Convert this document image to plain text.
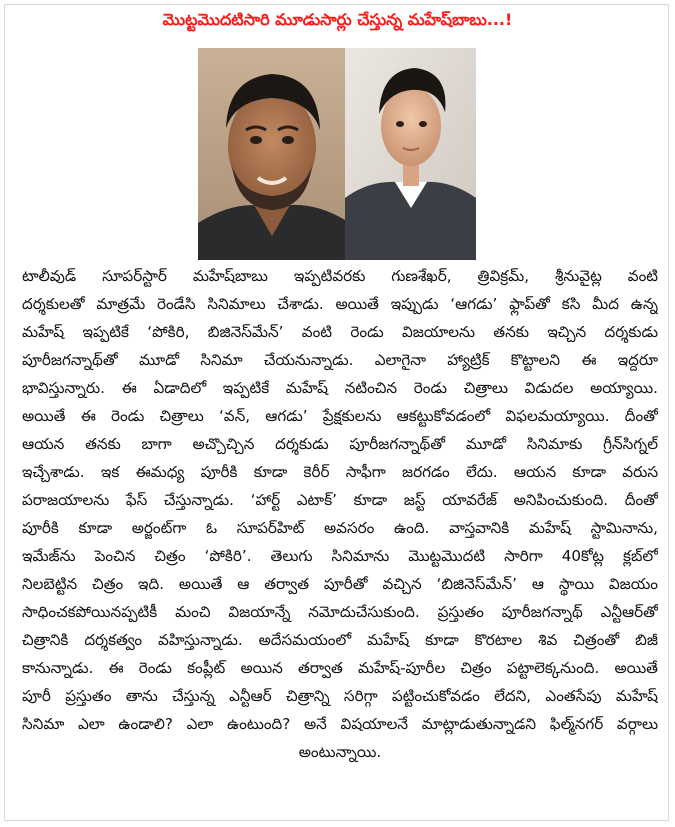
మొట్టమొదటిసారి మూడుసార్లు చేస్తున్న మహేష్‌బాబు...!
టాలీవుడ్ సూపర్‌స్టార్ మహేష్‌బాబు ఇప్పటివరకు గుణశేఖర్, త్రివిక్రమ్, శ్రీనువైట్ల వంటి
దర్శకులతో మాత్రమే రెండేసి సినిమాలు చేశాడు. అయితే ఇప్పుడు ‘ఆగడు’ ఫ్లాప్‌తో కసి మీద ఉన్న
మహేష్ ఇప్పటికే ‘పోకిరి, బిజినెస్‌మేన్’ వంటి రెండు విజయాలను తనకు ఇచ్చిన దర్శకుడు
పూరీజగన్నాథ్‌తో మూడో సినిమా చేయనున్నాడు. ఎలాగైనా హ్యాట్రిక్ కొట్టాలని ఈ ఇద్దరూ
భావిస్తున్నారు. ఈ ఏడాదిలో ఇప్పటికే మహేష్ నటించిన రెండు చిత్రాలు విడుదల అయ్యాయి.
అయితే ఈ రెండు చిత్రాలు ‘వన్, ఆగడు’ ప్రేక్షకులను ఆకట్టుకోవడంలో విఫలమయ్యాయి. దీంతో
ఆయన తనకు బాగా అచ్చొచ్చిన దర్శకుడు పూరీజగన్నాథ్‌తో మూడో సినిమాకు గ్రీన్‌సిగ్నల్
ఇచ్చేశాడు. ఇక ఈమధ్య పూరీకి కూడా కెరీర్ సాఫీగా జరగడం లేదు. ఆయన కూడా వరుస
పరాజయాలను ఫేస్ చేస్తున్నాడు. ‘హార్ట్ ఎటాక్’ కూడా జస్ట్ యావరేజ్ అనిపించుకుంది. దీంతో
పూరీకి కూడా అర్జంట్‌గా ఓ సూపర్‌హిట్ అవసరం ఉంది. వాస్తవానికి మహేష్ స్టామినాను,
ఇమేజ్‌ను పెంచిన చిత్రం ‘పోకిరి’. తెలుగు సినిమాను మొట్టమొదటి సారిగా 40కోట్ల క్లబ్‌లో
నిలబెట్టిన చిత్రం ఇది. అయితే ఆ తర్వాత పూరీతో వచ్చిన ‘బిజినెస్‌మేన్’ ఆ స్థాయి విజయం
సాధించకపోయినప్పటికీ మంచి విజయాన్నే నమోదుచేసుకుంది. ప్రస్తుతం పూరీజగన్నాథ్ ఎన్టీఆర్‌తో
చిత్రానికి దర్శకత్వం వహిస్తున్నాడు. అదేసమయంలో మహేష్ కూడా కొరటాల శివ చిత్రంతో బిజీ
కానున్నాడు. ఈ రెండు కంప్లీట్ అయిన తర్వాత మహేష్-పూరీల చిత్రం పట్టాలెక్కనుంది. అయితే
పూరీ ప్రస్తుతం తాను చేస్తున్న ఎన్టీఆర్ చిత్రాన్ని సరిగ్గా పట్టించుకోవడం లేదని, ఎంతసేపు మహేష్
సినిమా ఎలా ఉండాలి? ఎలా ఉంటుంది? అనే విషయాలనే మాట్లాడుతున్నాడని ఫిల్మ్‌నగర్ వర్గాలు
అంటున్నాయి.
